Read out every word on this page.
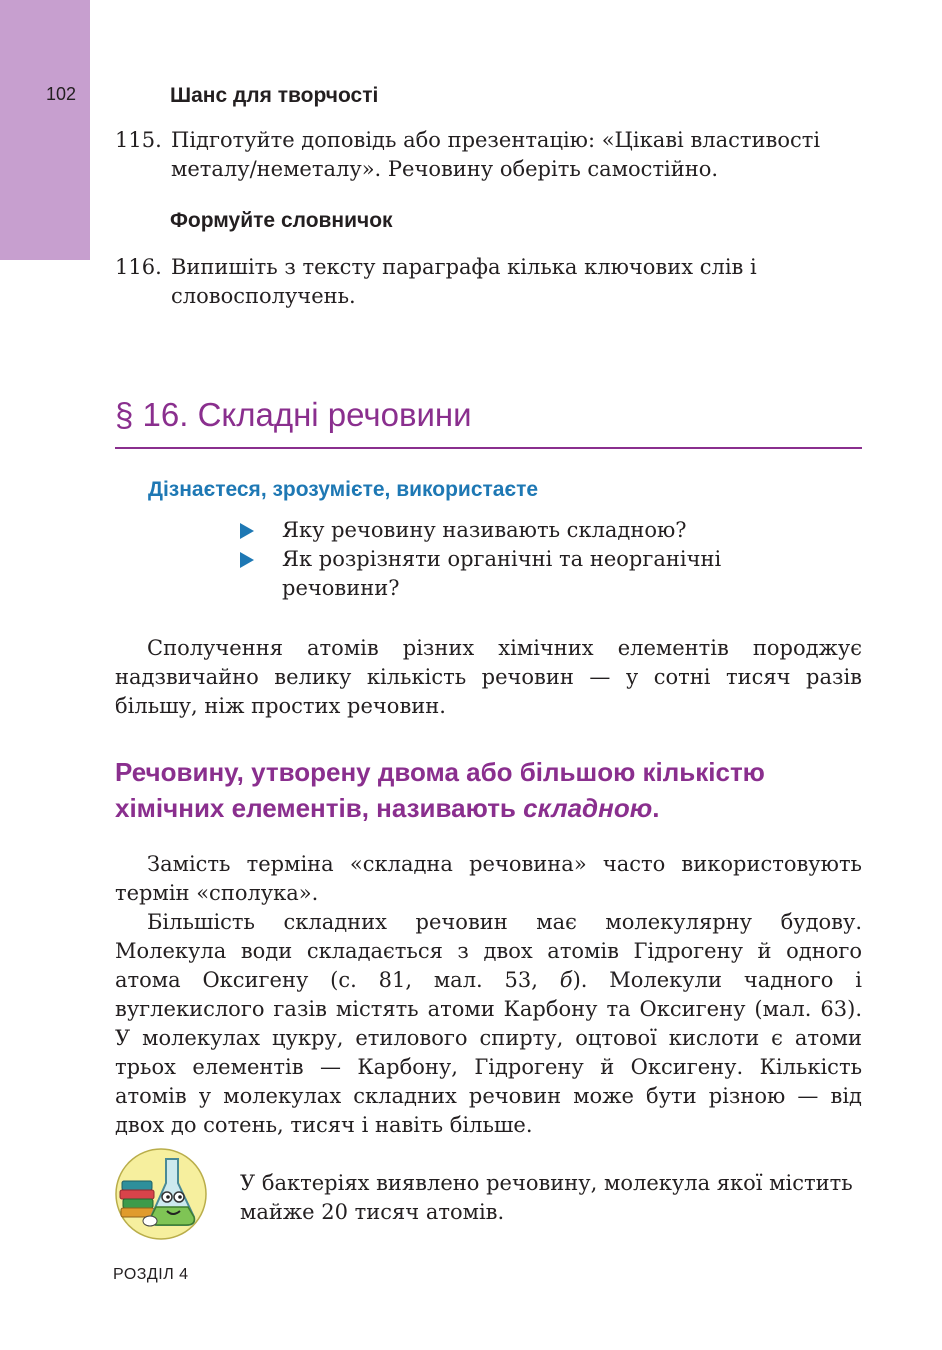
102	Шанс для творчості
115. Підготуйте доповідь або презентацію: «Цікаві властивості металу/неметалу». Речовину оберіть самостійно.
Формуйте словничок
116. Випишіть з тексту параграфа кілька ключових слів і словосполучень.
§ 16. Складні речовини
Дізнаєтеся, зрозумієте, використаєте
Яку речовину називають складною?
Як розрізняти органічні та неорганічні речовини?
Сполучення атомів різних хімічних елементів породжує надзвичайно велику кількість речовин — у сотні тисяч разів більшу, ніж простих речовин.
Речовину, утворену двома або більшою кількістю хімічних елементів, називають складною.
Замість терміна «складна речовина» часто використовують термін «сполука».
Більшість складних речовин має молекулярну будову. Молекула води складається з двох атомів Гідрогену й одного атома Оксигену (с. 81, мал. 53, б). Молекули чадного і вуглекислого газів містять атоми Карбону та Оксигену (мал. 63). У молекулах цукру, етилового спирту, оцтової кислоти є атоми трьох елементів — Карбону, Гідрогену й Оксигену. Кількість атомів у молекулах складних речовин може бути різною — від двох до сотень, тисяч і навіть більше.
У бактеріях виявлено речовину, молекула якої містить майже 20 тисяч атомів.
РОЗДІЛ 4
